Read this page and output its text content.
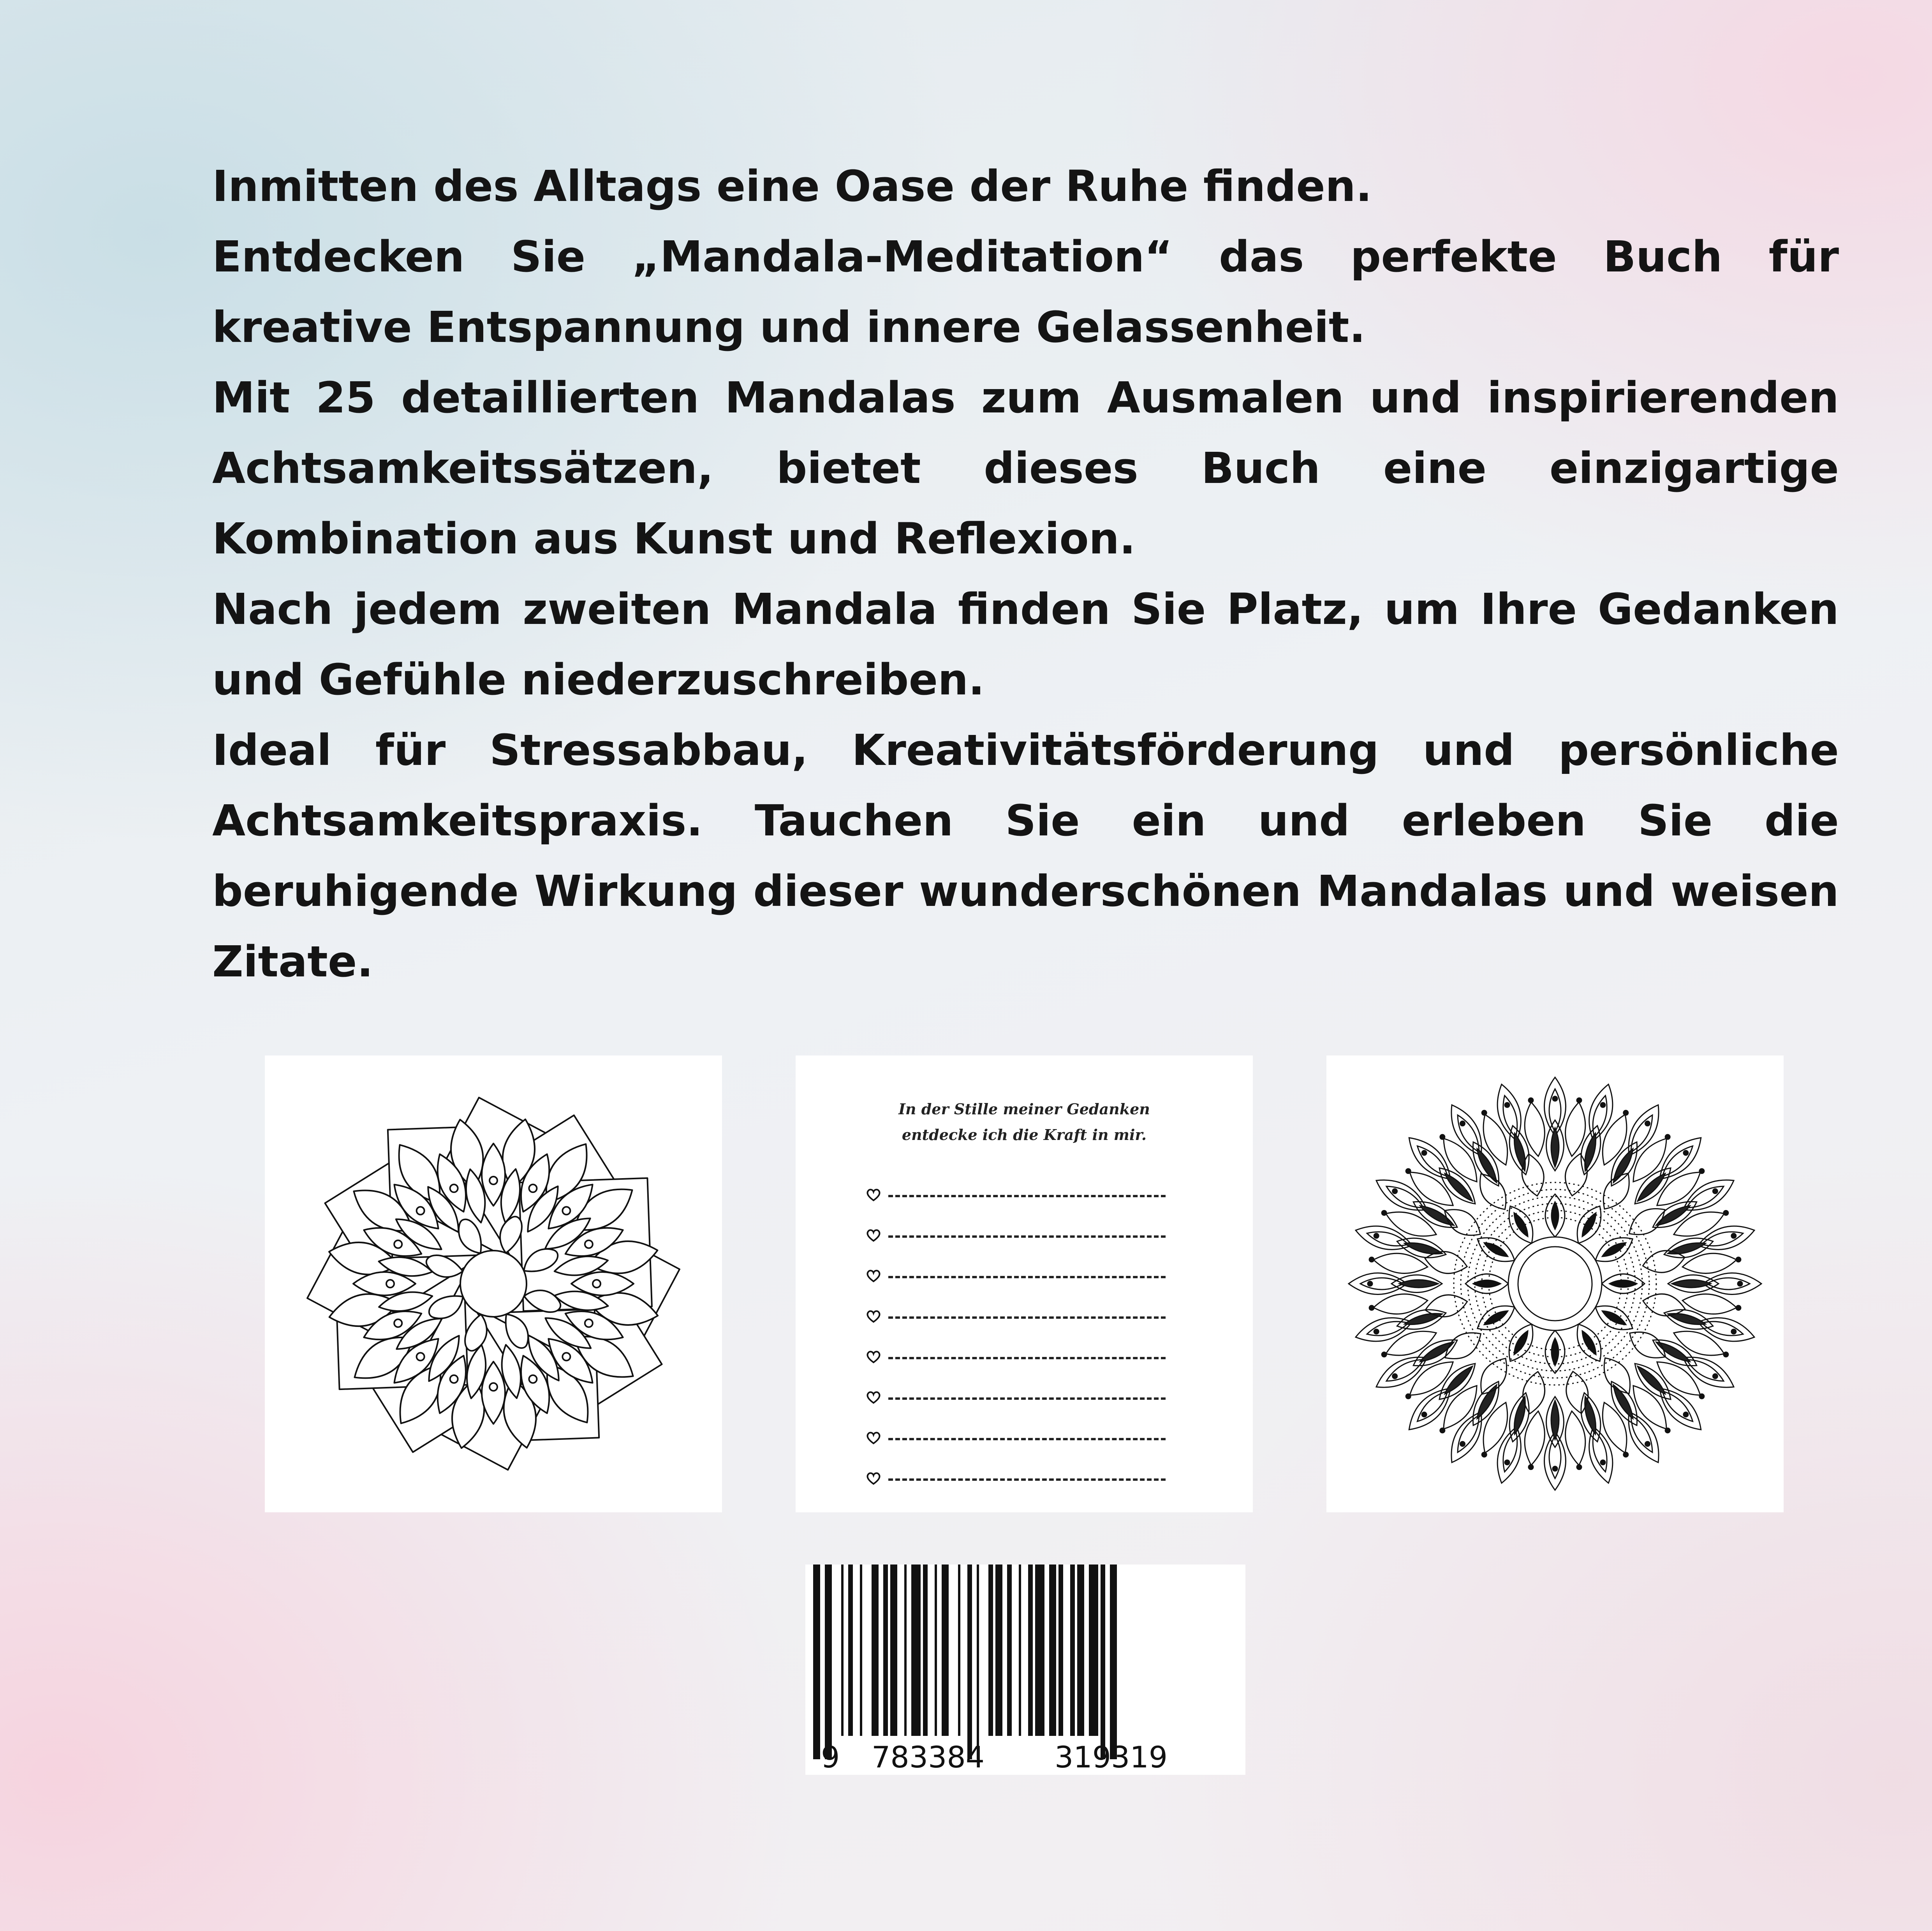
Inmitten des Alltags eine Oase der Ruhe finden.

Entdecken Sie „Mandala-Meditation“ das perfekte Buch für kreative Entspannung und innere Gelassenheit.

Mit 25 detaillierten Mandalas zum Ausmalen und inspirierenden Achtsamkeitssätzen, bietet dieses Buch eine einzigartige Kombination aus Kunst und Reflexion.

Nach jedem zweiten Mandala finden Sie Platz, um Ihre Gedanken und Gefühle niederzuschreiben.

Ideal für Stressabbau, Kreativitätsförderung und persönliche Achtsamkeitspraxis. Tauchen Sie ein und erleben Sie die beruhigende Wirkung dieser wunderschönen Mandalas und weisen Zitate.

In der Stille meiner Gedanken
entdecke ich die Kraft in mir.
9 783384 319319
